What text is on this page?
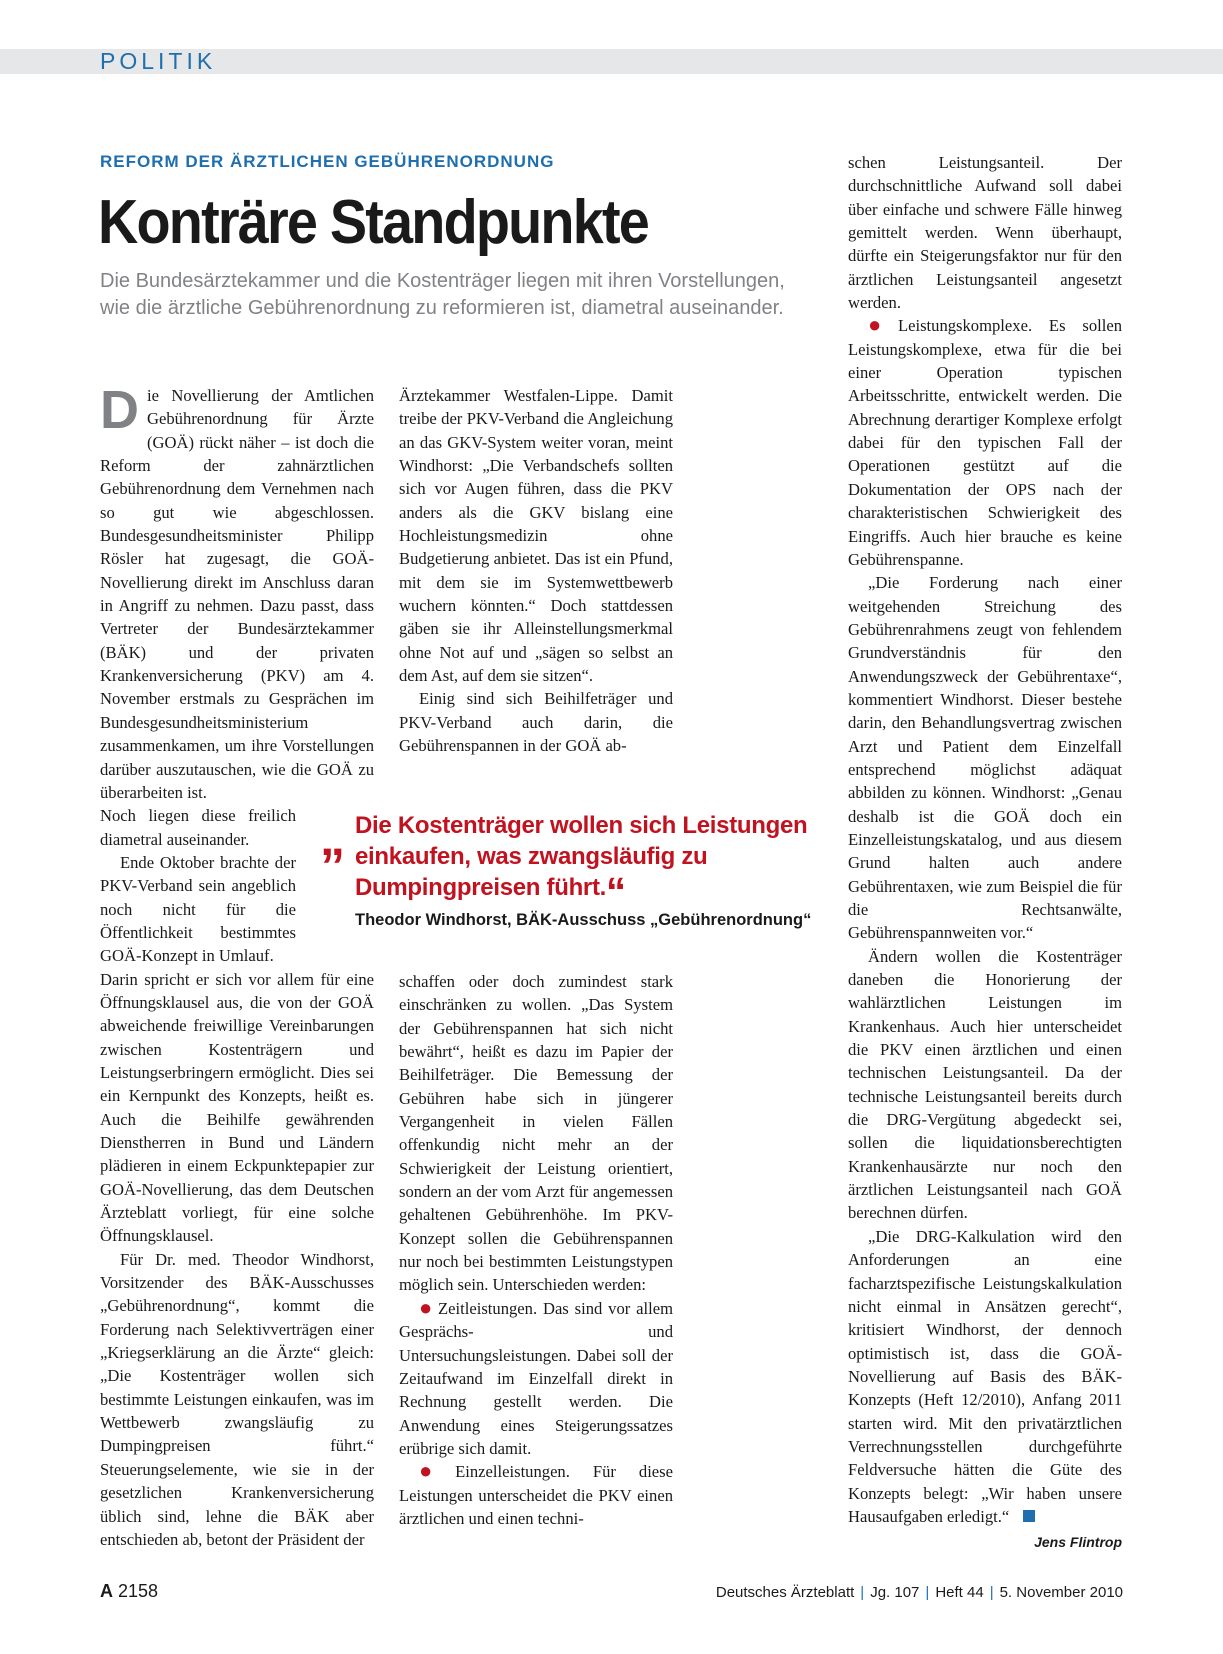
POLITIK
REFORM DER ÄRZTLICHEN GEBÜHRENORDNUNG
Konträre Standpunkte
Die Bundesärztekammer und die Kostenträger liegen mit ihren Vorstellungen, wie die ärztliche Gebührenordnung zu reformieren ist, diametral auseinander.

Die Novellierung der Amtlichen Gebührenordnung für Ärzte (GOÄ) rückt näher – ist doch die Reform der zahnärztlichen Gebührenordnung dem Vernehmen nach so gut wie abgeschlossen. Bundesgesundheitsminister Philipp Rösler hat zugesagt, die GOÄ-Novellierung direkt im Anschluss daran in Angriff zu nehmen. Dazu passt, dass Vertreter der Bundesärztekammer (BÄK) und der privaten Krankenversicherung (PKV) am 4. November erstmals zu Gesprächen im Bundesgesundheitsministerium zusammenkamen, um ihre Vorstellungen darüber auszutauschen, wie die GOÄ zu überarbeiten ist.

Noch liegen diese freilich diametral auseinander.

Ende Oktober brachte der PKV-Verband sein angeblich noch nicht für die Öffentlichkeit bestimmtes GOÄ-Konzept in Umlauf.

Darin spricht er sich vor allem für eine Öffnungsklausel aus, die von der GOÄ abweichende freiwillige Vereinbarungen zwischen Kostenträgern und Leistungserbringern ermöglicht. Dies sei ein Kernpunkt des Konzepts, heißt es. Auch die Beihilfe gewährenden Dienstherren in Bund und Ländern plädieren in einem Eckpunktepapier zur GOÄ-Novellierung, das dem Deutschen Ärzteblatt vorliegt, für eine solche Öffnungsklausel.

Für Dr. med. Theodor Windhorst, Vorsitzender des BÄK-Ausschusses „Gebührenordnung“, kommt die Forderung nach Selektivverträgen einer „Kriegserklärung an die Ärzte“ gleich: „Die Kostenträger wollen sich bestimmte Leistungen einkaufen, was im Wettbewerb zwangsläufig zu Dumpingpreisen führt.“ Steuerungselemente, wie sie in der gesetzlichen Krankenversicherung üblich sind, lehne die BÄK aber entschieden ab, betont der Präsident der

Ärztekammer Westfalen-Lippe. Damit treibe der PKV-Verband die Angleichung an das GKV-System weiter voran, meint Windhorst: „Die Verbandschefs sollten sich vor Augen führen, dass die PKV anders als die GKV bislang eine Hochleistungsmedizin ohne Budgetierung anbietet. Das ist ein Pfund, mit dem sie im Systemwettbewerb wuchern könnten.“ Doch stattdessen gäben sie ihr Alleinstellungsmerkmal ohne Not auf und „sägen so selbst an dem Ast, auf dem sie sitzen“.

Einig sind sich Beihilfeträger und PKV-Verband auch darin, die Gebührenspannen in der GOÄ ab-

„ Die Kostenträger wollen sich Leistungen einkaufen, was zwangsläufig zu Dumpingpreisen führt.“
Theodor Windhorst, BÄK-Ausschuss „Gebührenordnung“

schaffen oder doch zumindest stark einschränken zu wollen. „Das System der Gebührenspannen hat sich nicht bewährt“, heißt es dazu im Papier der Beihilfeträger. Die Bemessung der Gebühren habe sich in jüngerer Vergangenheit in vielen Fällen offenkundig nicht mehr an der Schwierigkeit der Leistung orientiert, sondern an der vom Arzt für angemessen gehaltenen Gebührenhöhe. Im PKV-Konzept sollen die Gebührenspannen nur noch bei bestimmten Leistungstypen möglich sein. Unterschieden werden:

● Zeitleistungen. Das sind vor allem Gesprächs- und Untersuchungsleistungen. Dabei soll der Zeitaufwand im Einzelfall direkt in Rechnung gestellt werden. Die Anwendung eines Steigerungssatzes erübrige sich damit.

● Einzelleistungen. Für diese Leistungen unterscheidet die PKV einen ärztlichen und einen techni-

schen Leistungsanteil. Der durchschnittliche Aufwand soll dabei über einfache und schwere Fälle hinweg gemittelt werden. Wenn überhaupt, dürfte ein Steigerungsfaktor nur für den ärztlichen Leistungsanteil angesetzt werden.

● Leistungskomplexe. Es sollen Leistungskomplexe, etwa für die bei einer Operation typischen Arbeitsschritte, entwickelt werden. Die Abrechnung derartiger Komplexe erfolgt dabei für den typischen Fall der Operationen gestützt auf die Dokumentation der OPS nach der charakteristischen Schwierigkeit des Eingriffs. Auch hier brauche es keine Gebührenspanne.

„Die Forderung nach einer weitgehenden Streichung des Gebührenrahmens zeugt von fehlendem Grundverständnis für den Anwendungszweck der Gebührentaxe“, kommentiert Windhorst. Dieser bestehe darin, den Behandlungsvertrag zwischen Arzt und Patient dem Einzelfall entsprechend möglichst adäquat abbilden zu können. Windhorst: „Genau deshalb ist die GOÄ doch ein Einzelleistungskatalog, und aus diesem Grund halten auch andere Gebührentaxen, wie zum Beispiel die für die Rechtsanwälte, Gebührenspannweiten vor.“

Ändern wollen die Kostenträger daneben die Honorierung der wahlärztlichen Leistungen im Krankenhaus. Auch hier unterscheidet die PKV einen ärztlichen und einen technischen Leistungsanteil. Da der technische Leistungsanteil bereits durch die DRG-Vergütung abgedeckt sei, sollen die liquidationsberechtigten Krankenhausärzte nur noch den ärztlichen Leistungsanteil nach GOÄ berechnen dürfen.

„Die DRG-Kalkulation wird den Anforderungen an eine facharztspezifische Leistungskalkulation nicht einmal in Ansätzen gerecht“, kritisiert Windhorst, der dennoch optimistisch ist, dass die GOÄ-Novellierung auf Basis des BÄK-Konzepts (Heft 12/2010), Anfang 2011 starten wird. Mit den privatärztlichen Verrechnungsstellen durchgeführte Feldversuche hätten die Güte des Konzepts belegt: „Wir haben unsere Hausaufgaben erledigt.“

Jens Flintrop
A 2158	Deutsches Ärzteblatt | Jg. 107 | Heft 44 | 5. November 2010
